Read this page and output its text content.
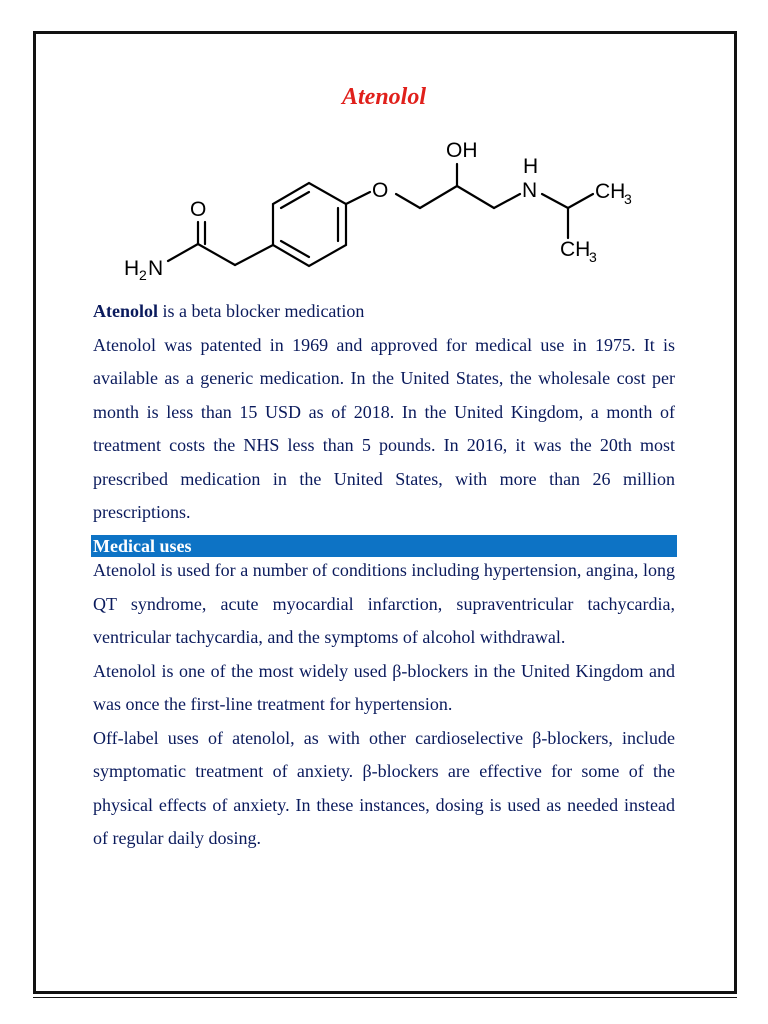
Atenolol
O
H 2 N
O
OH
H
N	CH
3
CH
3

Atenolol is a beta blocker medication

Atenolol was patented in 1969 and approved for medical use in 1975. It is available as a generic medication. In the United States, the wholesale cost per month is less than 15 USD as of 2018. In the United Kingdom, a month of treatment costs the NHS less than 5 pounds. In 2016, it was the 20th most prescribed medication in the United States, with more than 26 million prescriptions.

Medical uses

Atenolol is used for a number of conditions including hypertension, angina, long QT syndrome, acute myocardial infarction, supraventricular tachycardia, ventricular tachycardia, and the symptoms of alcohol withdrawal.

Atenolol is one of the most widely used β-blockers in the United Kingdom and was once the first-line treatment for hypertension.

Off-label uses of atenolol, as with other cardioselective β-blockers, include symptomatic treatment of anxiety. β-blockers are effective for some of the physical effects of anxiety. In these instances, dosing is used as needed instead of regular daily dosing.
